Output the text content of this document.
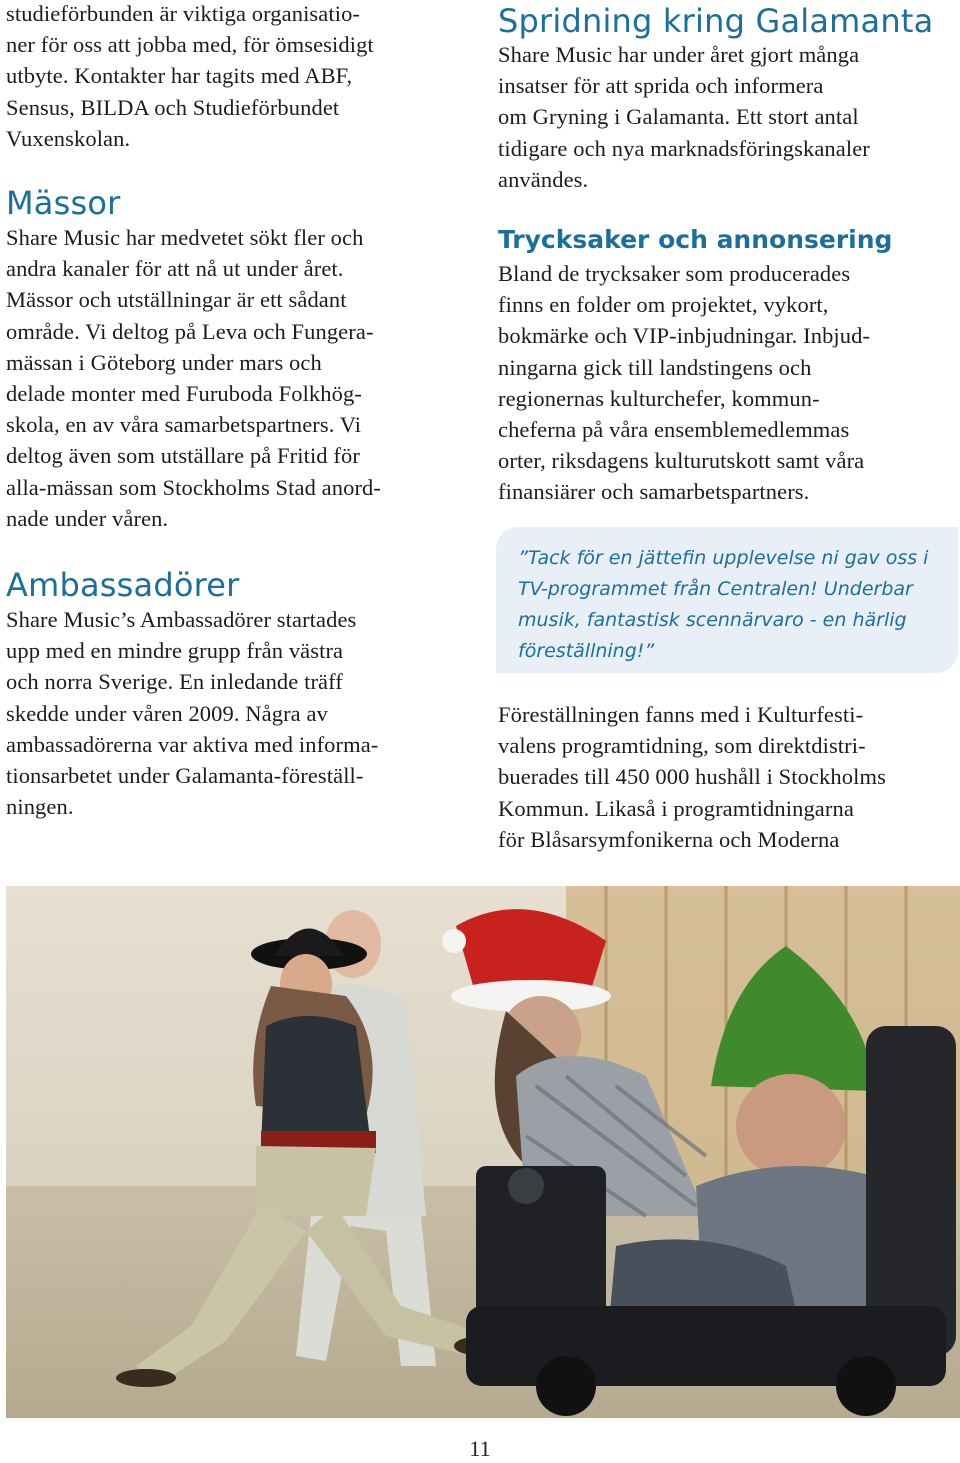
studieförbunden är viktiga organisatio-
ner för oss att jobba med, för ömsesidigt
utbyte. Kontakter har tagits med ABF,
Sensus, BILDA och Studieförbundet
Vuxenskolan.

Mässor

Share Music har medvetet sökt fler och
andra kanaler för att nå ut under året.
Mässor och utställningar är ett sådant
område. Vi deltog på Leva och Fungera-
mässan i Göteborg under mars och
delade monter med Furuboda Folkhög-
skola, en av våra samarbetspartners. Vi
deltog även som utställare på Fritid för
alla-mässan som Stockholms Stad anord-
nade under våren.

Ambassadörer

Share Music’s Ambassadörer startades
upp med en mindre grupp från västra
och norra Sverige. En inledande träff
skedde under våren 2009. Några av
ambassadörerna var aktiva med informa-
tionsarbetet under Galamanta-föreställ-
ningen.

Spridning kring Galamanta

Share Music har under året gjort många
insatser för att sprida och informera
om Gryning i Galamanta. Ett stort antal
tidigare och nya marknadsföringskanaler
användes.

Trycksaker och annonsering

Bland de trycksaker som producerades
finns en folder om projektet, vykort,
bokmärke och VIP-inbjudningar. Inbjud-
ningarna gick till landstingens och
regionernas kulturchefer, kommun-
cheferna på våra ensemblemedlemmas
orter, riksdagens kulturutskott samt våra
finansiärer och samarbetspartners.

Föreställningen fanns med i Kulturfesti-
valens programtidning, som direktdistri-
buerades till 450 000 hushåll i Stockholms
Kommun. Likaså i programtidningarna
för Blåsarsymfonikerna och Moderna

”Tack för en jättefin upplevelse ni gav oss i
TV-programmet från Centralen! Underbar
musik, fantastisk scennärvaro - en härlig
föreställning!”

11
